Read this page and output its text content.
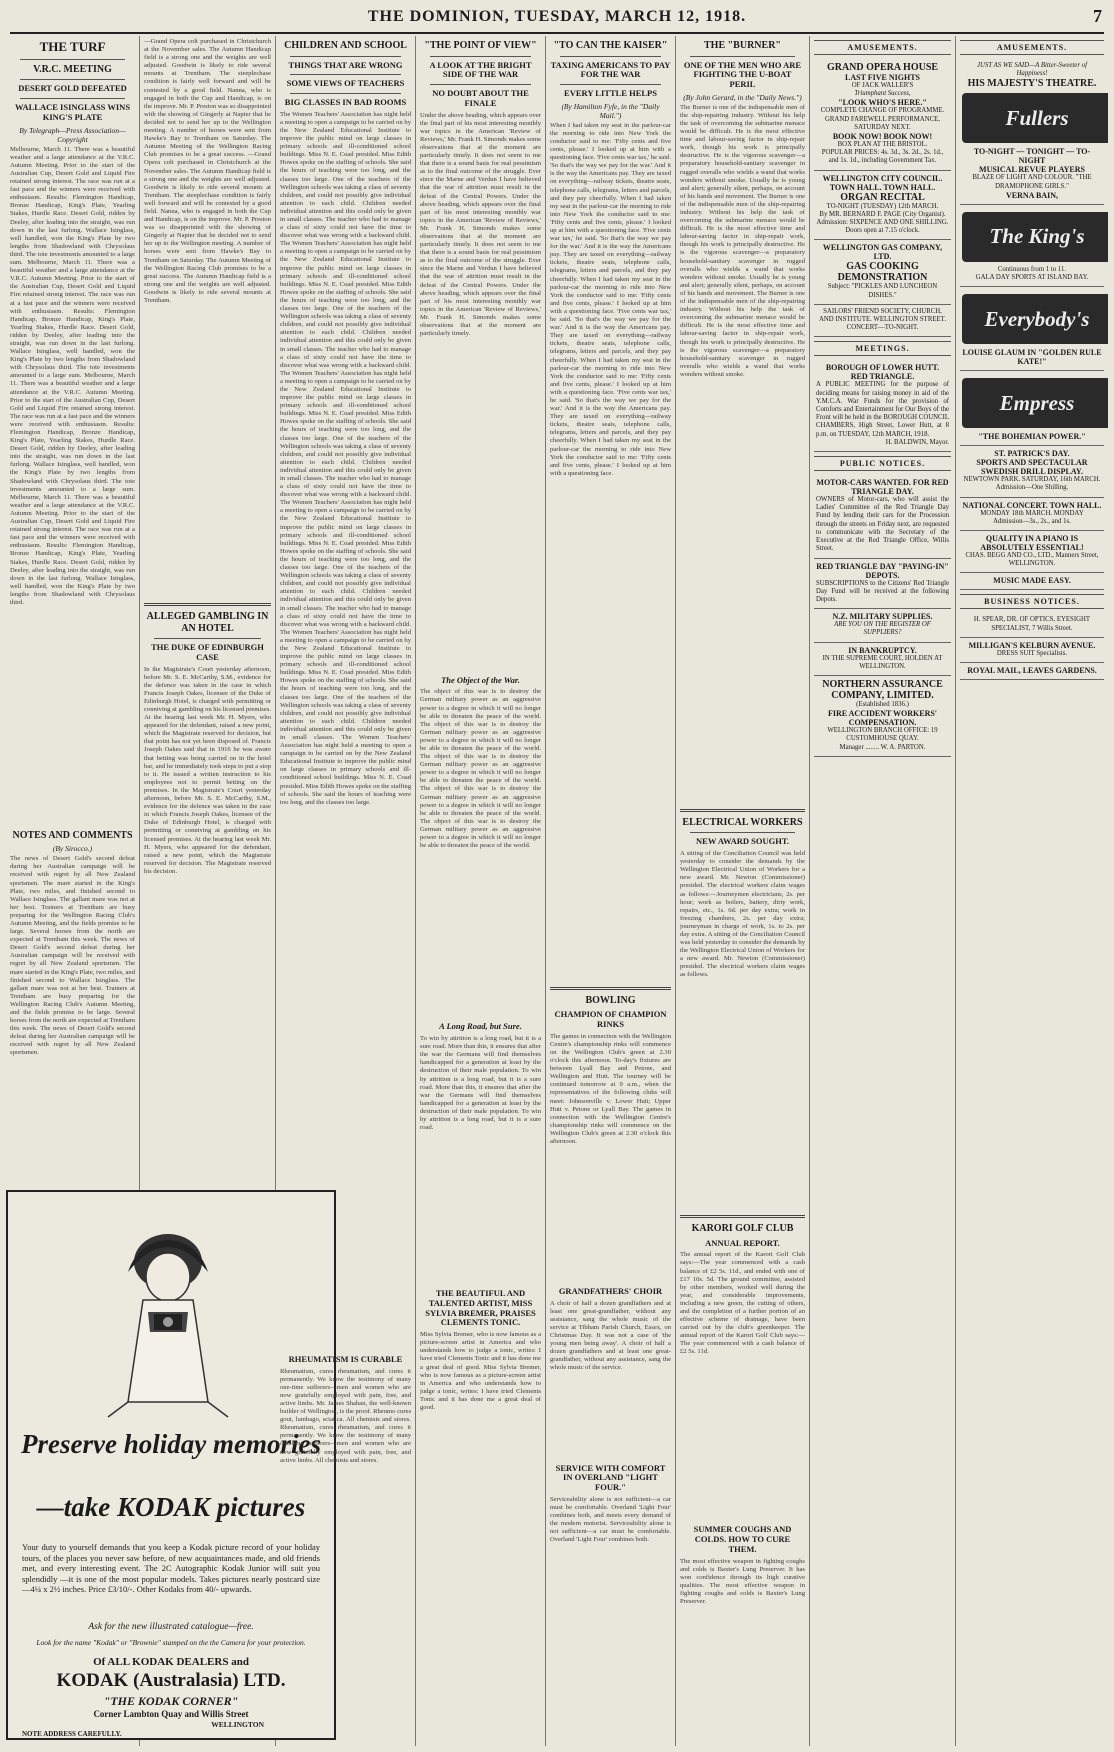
THE DOMINION, TUESDAY, MARCH 12, 1918.	7
THE TURF
V.R.C. MEETING
DESERT GOLD DEFEATED
WALLACE ISINGLASS WINS KING'S PLATE
By Telegraph—Press Association—Copyright

Melbourne, March 11. There was a beautiful weather and a large attendance at the V.R.C. Autumn Meeting. Prior to the start of the Australian Cup, Desert Gold and Liquid Fire retained strong interest. The race was run at a fast pace and the winners were received with enthusiasm. Results: Flemington Handicap, Bronze Handicap, King's Plate, Yearling Stakes, Hurdle Race. Desert Gold, ridden by Deeley, after leading into the straight, was run down in the last furlong. Wallace Isinglass, well handled, won the King's Plate by two lengths from Shadowland with Chrysolaus third. The tote investments amounted to a large sum. Melbourne, March 11. There was a beautiful weather and a large attendance at the V.R.C. Autumn Meeting. Prior to the start of the Australian Cup, Desert Gold and Liquid Fire retained strong interest. The race was run at a fast pace and the winners were received with enthusiasm. Results: Flemington Handicap, Bronze Handicap, King's Plate, Yearling Stakes, Hurdle Race. Desert Gold, ridden by Deeley, after leading into the straight, was run down in the last furlong. Wallace Isinglass, well handled, won the King's Plate by two lengths from Shadowland with Chrysolaus third. The tote investments amounted to a large sum. Melbourne, March 11. There was a beautiful weather and a large attendance at the V.R.C. Autumn Meeting. Prior to the start of the Australian Cup, Desert Gold and Liquid Fire retained strong interest. The race was run at a fast pace and the winners were received with enthusiasm. Results: Flemington Handicap, Bronze Handicap, King's Plate, Yearling Stakes, Hurdle Race. Desert Gold, ridden by Deeley, after leading into the straight, was run down in the last furlong. Wallace Isinglass, well handled, won the King's Plate by two lengths from Shadowland with Chrysolaus third. The tote investments amounted to a large sum. Melbourne, March 11. There was a beautiful weather and a large attendance at the V.R.C. Autumn Meeting. Prior to the start of the Australian Cup, Desert Gold and Liquid Fire retained strong interest. The race was run at a fast pace and the winners were received with enthusiasm. Results: Flemington Handicap, Bronze Handicap, King's Plate, Yearling Stakes, Hurdle Race. Desert Gold, ridden by Deeley, after leading into the straight, was run down in the last furlong. Wallace Isinglass, well handled, won the King's Plate by two lengths from Shadowland with Chrysolaus third.

NOTES AND COMMENTS
(By Sirocco.)

The news of Desert Gold's second defeat during her Australian campaign will be received with regret by all New Zealand sportsmen. The mare started in the King's Plate, two miles, and finished second to Wallace Isinglass. The gallant mare was not at her best. Trainers at Trentham are busy preparing for the Wellington Racing Club's Autumn Meeting, and the fields promise to be large. Several horses from the north are expected at Trentham this week. The news of Desert Gold's second defeat during her Australian campaign will be received with regret by all New Zealand sportsmen. The mare started in the King's Plate, two miles, and finished second to Wallace Isinglass. The gallant mare was not at her best. Trainers at Trentham are busy preparing for the Wellington Racing Club's Autumn Meeting, and the fields promise to be large. Several horses from the north are expected at Trentham this week. The news of Desert Gold's second defeat during her Australian campaign will be received with regret by all New Zealand sportsmen.

—Grand Opera colt purchased in Christchurch at the November sales. The Autumn Handicap field is a strong one and the weights are well adjusted. Goodwin is likely to ride several mounts at Trentham. The steeplechase condition is fairly well forward and will be contested by a good field. Nanna, who is engaged in both the Cup and Handicap, is on the improve. Mr. P. Preston was so disappointed with the showing of Gingerly at Napier that he decided not to send her up to the Wellington meeting. A number of horses were sent from Hawke's Bay to Trentham on Saturday. The Autumn Meeting of the Wellington Racing Club promises to be a great success. —Grand Opera colt purchased in Christchurch at the November sales. The Autumn Handicap field is a strong one and the weights are well adjusted. Goodwin is likely to ride several mounts at Trentham. The steeplechase condition is fairly well forward and will be contested by a good field. Nanna, who is engaged in both the Cup and Handicap, is on the improve. Mr. P. Preston was so disappointed with the showing of Gingerly at Napier that he decided not to send her up to the Wellington meeting. A number of horses were sent from Hawke's Bay to Trentham on Saturday. The Autumn Meeting of the Wellington Racing Club promises to be a great success. The Autumn Handicap field is a strong one and the weights are well adjusted. Goodwin is likely to ride several mounts at Trentham.

ALLEGED GAMBLING IN AN HOTEL
THE DUKE OF EDINBURGH CASE

In the Magistrate's Court yesterday afternoon, before Mr. S. E. McCarthy, S.M., evidence for the defence was taken in the case in which Francis Joseph Oakes, licensee of the Duke of Edinburgh Hotel, is charged with permitting or conniving at gambling on his licensed premises. At the hearing last week Mr. H. Myers, who appeared for the defendant, raised a new point, which the Magistrate reserved for decision, but that point has not yet been disposed of. Francis Joseph Oakes said that in 1916 he was aware that betting was being carried on in the hotel bar, and he immediately took steps to put a stop to it. He issued a written instruction to his employees not to permit betting on the premises. In the Magistrate's Court yesterday afternoon, before Mr. S. E. McCarthy, S.M., evidence for the defence was taken in the case in which Francis Joseph Oakes, licensee of the Duke of Edinburgh Hotel, is charged with permitting or conniving at gambling on his licensed premises. At the hearing last week Mr. H. Myers, who appeared for the defendant, raised a new point, which the Magistrate reserved for decision. The Magistrate reserved his decision.

Preserve holiday memories
—take KODAK pictures
Your duty to yourself demands that you keep a Kodak picture record of your holiday tours, of the places you never saw before, of new acquaintances made, and old friends met, and every interesting event. The 2C Autographic Kodak Junior will suit you splendidly —it is one of the most popular models. Takes pictures nearly postcard size—4¼ x 2½ inches. Price £3/10/-. Other Kodaks from 40/- upwards.
Ask for the new illustrated catalogue—free.
Look for the name "Kodak" or "Brownie" stamped on the the Camera for your protection.
Of ALL KODAK DEALERS and
KODAK (Australasia) LTD.
"THE KODAK CORNER"
Corner Lambton Quay and Willis Street
WELLINGTON
NOTE ADDRESS CAREFULLY.
CHILDREN AND SCHOOL
THINGS THAT ARE WRONG
SOME VIEWS OF TEACHERS
BIG CLASSES IN BAD ROOMS

The Women Teachers' Association has night held a meeting to open a campaign to be carried on by the New Zealand Educational Institute to improve the public mind on large classes in primary schools and ill-conditioned school buildings. Miss N. E. Coad presided. Miss Edith Howes spoke on the staffing of schools. She said the hours of teaching were too long, and the classes too large. One of the teachers of the Wellington schools was taking a class of seventy children, and could not possibly give individual attention to each child. Children needed individual attention and this could only be given in small classes. The teacher who had to manage a class of sixty could not have the time to discover what was wrong with a backward child. The Women Teachers' Association has night held a meeting to open a campaign to be carried on by the New Zealand Educational Institute to improve the public mind on large classes in primary schools and ill-conditioned school buildings. Miss N. E. Coad presided. Miss Edith Howes spoke on the staffing of schools. She said the hours of teaching were too long, and the classes too large. One of the teachers of the Wellington schools was taking a class of seventy children, and could not possibly give individual attention to each child. Children needed individual attention and this could only be given in small classes. The teacher who had to manage a class of sixty could not have the time to discover what was wrong with a backward child. The Women Teachers' Association has night held a meeting to open a campaign to be carried on by the New Zealand Educational Institute to improve the public mind on large classes in primary schools and ill-conditioned school buildings. Miss N. E. Coad presided. Miss Edith Howes spoke on the staffing of schools. She said the hours of teaching were too long, and the classes too large. One of the teachers of the Wellington schools was taking a class of seventy children, and could not possibly give individual attention to each child. Children needed individual attention and this could only be given in small classes. The teacher who had to manage a class of sixty could not have the time to discover what was wrong with a backward child. The Women Teachers' Association has night held a meeting to open a campaign to be carried on by the New Zealand Educational Institute to improve the public mind on large classes in primary schools and ill-conditioned school buildings. Miss N. E. Coad presided. Miss Edith Howes spoke on the staffing of schools. She said the hours of teaching were too long, and the classes too large. One of the teachers of the Wellington schools was taking a class of seventy children, and could not possibly give individual attention to each child. Children needed individual attention and this could only be given in small classes. The teacher who had to manage a class of sixty could not have the time to discover what was wrong with a backward child. The Women Teachers' Association has night held a meeting to open a campaign to be carried on by the New Zealand Educational Institute to improve the public mind on large classes in primary schools and ill-conditioned school buildings. Miss N. E. Coad presided. Miss Edith Howes spoke on the staffing of schools. She said the hours of teaching were too long, and the classes too large. One of the teachers of the Wellington schools was taking a class of seventy children, and could not possibly give individual attention to each child. Children needed individual attention and this could only be given in small classes. The Women Teachers' Association has night held a meeting to open a campaign to be carried on by the New Zealand Educational Institute to improve the public mind on large classes in primary schools and ill-conditioned school buildings. Miss N. E. Coad presided. Miss Edith Howes spoke on the staffing of schools. She said the hours of teaching were too long, and the classes too large.

RHEUMATISM IS CURABLE

Rheumatism, cures rheumatism, and cures it permanently. We know the testimony of many one-time sufferers—men and women who are now gratefully employed with pain, free, and active limbs. Mr. James Shahan, the well-known builder of Wellington, is the proof. Rheumo cures gout, lumbago, sciatica. All chemists and stores. Rheumatism, cures rheumatism, and cures it permanently. We know the testimony of many one-time sufferers—men and women who are now gratefully employed with pain, free, and active limbs. All chemists and stores.

"THE POINT OF VIEW"
A LOOK AT THE BRIGHT SIDE OF THE WAR
NO DOUBT ABOUT THE FINALE

Under the above heading, which appears over the final part of his most interesting monthly war topics in the American 'Review of Reviews,' Mr. Frank H. Simonds makes some observations that at the moment are particularly timely. It does not seem to me that there is a sound basis for real pessimism as to the final outcome of the struggle. Ever since the Marne and Verdun I have believed that the war of attrition must result in the defeat of the Central Powers. Under the above heading, which appears over the final part of his most interesting monthly war topics in the American 'Review of Reviews,' Mr. Frank H. Simonds makes some observations that at the moment are particularly timely. It does not seem to me that there is a sound basis for real pessimism as to the final outcome of the struggle. Ever since the Marne and Verdun I have believed that the war of attrition must result in the defeat of the Central Powers. Under the above heading, which appears over the final part of his most interesting monthly war topics in the American 'Review of Reviews,' Mr. Frank H. Simonds makes some observations that at the moment are particularly timely.

The Object of the War.

The object of this war is to destroy the German military power as an aggressive power to a degree in which it will no longer be able to threaten the peace of the world. The object of this war is to destroy the German military power as an aggressive power to a degree in which it will no longer be able to threaten the peace of the world. The object of this war is to destroy the German military power as an aggressive power to a degree in which it will no longer be able to threaten the peace of the world. The object of this war is to destroy the German military power as an aggressive power to a degree in which it will no longer be able to threaten the peace of the world. The object of this war is to destroy the German military power as an aggressive power to a degree in which it will no longer be able to threaten the peace of the world.

A Long Road, but Sure.

To win by attrition is a long road, but it is a sure road. More than this, it ensures that after the war the Germans will find themselves handicapped for a generation at least by the destruction of their male population. To win by attrition is a long road, but it is a sure road. More than this, it ensures that after the war the Germans will find themselves handicapped for a generation at least by the destruction of their male population. To win by attrition is a long road, but it is a sure road.

THE BEAUTIFUL AND TALENTED ARTIST, MISS SYLVIA BREMER, PRAISES CLEMENTS TONIC.

Miss Sylvia Bremer, who is now famous as a picture-screen artist in America and who understands how to judge a tonic, writes: I have tried Clements Tonic and it has done me a great deal of good. Miss Sylvia Bremer, who is now famous as a picture-screen artist in America and who understands how to judge a tonic, writes: I have tried Clements Tonic and it has done me a great deal of good.

"TO CAN THE KAISER"
TAXING AMERICANS TO PAY FOR THE WAR
EVERY LITTLE HELPS
(By Hamilton Fyfe, in the "Daily Mail.")

When I had taken my seat in the parlour-car the morning to ride into New York the conductor said to me: 'Fifty cents and five cents, please.' I looked up at him with a questioning face. 'Five cents war tax,' he said. 'So that's the way we pay for the war.' And it is the way the Americans pay. They are taxed on everything—railway tickets, theatre seats, telephone calls, telegrams, letters and parcels, and they pay cheerfully. When I had taken my seat in the parlour-car the morning to ride into New York the conductor said to me: 'Fifty cents and five cents, please.' I looked up at him with a questioning face. 'Five cents war tax,' he said. 'So that's the way we pay for the war.' And it is the way the Americans pay. They are taxed on everything—railway tickets, theatre seats, telephone calls, telegrams, letters and parcels, and they pay cheerfully. When I had taken my seat in the parlour-car the morning to ride into New York the conductor said to me: 'Fifty cents and five cents, please.' I looked up at him with a questioning face. 'Five cents war tax,' he said. 'So that's the way we pay for the war.' And it is the way the Americans pay. They are taxed on everything—railway tickets, theatre seats, telephone calls, telegrams, letters and parcels, and they pay cheerfully. When I had taken my seat in the parlour-car the morning to ride into New York the conductor said to me: 'Fifty cents and five cents, please.' I looked up at him with a questioning face. 'Five cents war tax,' he said. 'So that's the way we pay for the war.' And it is the way the Americans pay. They are taxed on everything—railway tickets, theatre seats, telephone calls, telegrams, letters and parcels, and they pay cheerfully. When I had taken my seat in the parlour-car the morning to ride into New York the conductor said to me: 'Fifty cents and five cents, please.' I looked up at him with a questioning face.

BOWLING
CHAMPION OF CHAMPION RINKS

The games in connection with the Wellington Centre's championship rinks will commence on the Wellington Club's green at 2.30 o'clock this afternoon. To-day's fixtures are between Lyall Bay and Petone, and Wellington and Hutt. The tourney will be continued tomorrow at 9 a.m., when the representatives of the following clubs will meet: Johnsonville v. Lower Hutt; Upper Hutt v. Petone or Lyall Bay. The games in connection with the Wellington Centre's championship rinks will commence on the Wellington Club's green at 2.30 o'clock this afternoon.

GRANDFATHERS' CHOIR

A choir of half a dozen grandfathers and at least one great-grandfather, without any assistance, sang the whole music of the service at Tibham Parish Church, Essex, on Christmas Day. It was not a case of 'the young men being away'. A choir of half a dozen grandfathers and at least one great-grandfather, without any assistance, sang the whole music of the service.

SERVICE WITH COMFORT IN OVERLAND "LIGHT FOUR."

Serviceability alone is not sufficient—a car must be comfortable. Overland 'Light Four' combines both, and meets every demand of the modern motorist. Serviceability alone is not sufficient—a car must be comfortable. Overland 'Light Four' combines both.

THE "BURNER"
ONE OF THE MEN WHO ARE FIGHTING THE U-BOAT PERIL
(By John Gerard, in the "Daily News.")

The Burner is one of the indispensable men of the ship-repairing industry. Without his help the task of overcoming the submarine menace would be difficult. He is the most effective time and labour-saving factor in ship-repair work, though his work is principally destructive. He is the vigorous scavenger—a preparatory household-sanitary scavenger in rugged overalls who wields a wand that works wonders without smoke. Usually he is young and alert; generally silent, perhaps, on account of his hands and movement. The Burner is one of the indispensable men of the ship-repairing industry. Without his help the task of overcoming the submarine menace would be difficult. He is the most effective time and labour-saving factor in ship-repair work, though his work is principally destructive. He is the vigorous scavenger—a preparatory household-sanitary scavenger in rugged overalls who wields a wand that works wonders without smoke. Usually he is young and alert; generally silent, perhaps, on account of his hands and movement. The Burner is one of the indispensable men of the ship-repairing industry. Without his help the task of overcoming the submarine menace would be difficult. He is the most effective time and labour-saving factor in ship-repair work, though his work is principally destructive. He is the vigorous scavenger—a preparatory household-sanitary scavenger in rugged overalls who wields a wand that works wonders without smoke.

ELECTRICAL WORKERS
NEW AWARD SOUGHT.

A sitting of the Conciliation Council was held yesterday to consider the demands by the Wellington Electrical Union of Workers for a new award. Mr. Newton (Commissioner) presided. The electrical workers claim wages as follows:—Journeymen electricians, 2s. per hour; work as boilers, battery, dirty work, repairs, etc., 1s. 6d. per day extra; work in freezing chambers, 2s. per day extra; journeyman in charge of work, 1s. to 2s. per day extra. A sitting of the Conciliation Council was held yesterday to consider the demands by the Wellington Electrical Union of Workers for a new award. Mr. Newton (Commissioner) presided. The electrical workers claim wages as follows.

KARORI GOLF CLUB
ANNUAL REPORT.

The annual report of the Karori Golf Club says:—The year commenced with a cash balance of £2 5s. 11d., and ended with one of £17 10s. 5d. The ground committee, assisted by other members, worked well during the year, and considerable improvements, including a new green, the cutting of others, and the completion of a further portion of an effective scheme of drainage, have been carried out by the club's greenkeeper. The annual report of the Karori Golf Club says:—The year commenced with a cash balance of £2 5s. 11d.

SUMMER COUGHS AND COLDS. HOW TO CURE THEM.

The most effective weapon in fighting coughs and colds is Baxter's Lung Preserver. It has won confidence through its high curative qualities. The most effective weapon in fighting coughs and colds is Baxter's Lung Preserver.

AMUSEMENTS.
GRAND OPERA HOUSE
LAST FIVE NIGHTS
OF JACK WALLER'S
Triumphant Success,
"LOOK WHO'S HERE."
COMPLETE CHANGE OF PROGRAMME.
GRAND FAREWELL PERFORMANCE, SATURDAY NEXT.
BOOK NOW! BOOK NOW!
BOX PLAN AT THE BRISTOL.
POPULAR PRICES: 4s. 3d., 3s. 2d., 2s. 1d., and 1s. 1d., including Government Tax.
WELLINGTON CITY COUNCIL.
TOWN HALL. TOWN HALL.
ORGAN RECITAL
TO-NIGHT (TUESDAY) 12th MARCH.
By MR. BERNARD F. PAGE (City Organist).
Admission: SIXPENCE AND ONE SHILLING. Doors open at 7.15 o'clock.
WELLINGTON GAS COMPANY, LTD.
GAS COOKING DEMONSTRATION
Subject: "PICKLES AND LUNCHEON DISHES."
SAILORS' FRIEND SOCIETY, CHURCH, AND INSTITUTE. WELLINGTON STREET. CONCERT—TO-NIGHT.
MEETINGS.
BOROUGH OF LOWER HUTT.
RED TRIANGLE.
A PUBLIC MEETING for the purpose of deciding means for raising money in aid of the Y.M.C.A. War Funds for the provision of Comforts and Entertainment for Our Boys of the Front will be held in the BOROUGH COUNCIL CHAMBERS, High Street, Lower Hutt, at 8 p.m. on TUESDAY, 12th MARCH, 1918.
H. BALDWIN, Mayor.
PUBLIC NOTICES.
MOTOR-CARS WANTED. FOR RED TRIANGLE DAY.
OWNERS of Motor-cars, who will assist the Ladies' Committee of the Red Triangle Day Fund by lending their cars for the Procession through the streets on Friday next, are requested to communicate with the Secretary of the Executive at the Red Triangle Office, Willis Street.
RED TRIANGLE DAY "PAYING-IN" DEPOTS.
SUBSCRIPTIONS to the Citizens' Red Triangle Day Fund will be received at the following Depots.
N.Z. MILITARY SUPPLIES.
ARE YOU ON THE REGISTER OF SUPPLIERS?
IN BANKRUPTCY.
IN THE SUPREME COURT, HOLDEN AT WELLINGTON.
NORTHERN ASSURANCE COMPANY, LIMITED.
(Established 1836.)
FIRE ACCIDENT WORKERS' COMPENSATION.
WELLINGTON BRANCH OFFICE: 19 CUSTOMHOUSE QUAY.
Manager ........ W. A. PARTON.
AMUSEMENTS.
JUST AS WE SAID—A Bitter-Sweeter of Happiness!
HIS MAJESTY'S THEATRE.
Fullers
TO-NIGHT — TONIGHT — TO-NIGHT
MUSICAL REVUE PLAYERS
BLAZE OF LIGHT AND COLOUR. "THE DRAMOPHONE GIRLS."
VERNA BAIN,
The King's
Continuous from 1 to 11.
GALA DAY SPORTS AT ISLAND BAY.
Everybody's
LOUISE GLAUM IN "GOLDEN RULE KATE!"
Empress
"THE BOHEMIAN POWER."
ST. PATRICK'S DAY.
SPORTS AND SPECTACULAR SWEDISH DRILL DISPLAY.
NEWTOWN PARK. SATURDAY, 16th MARCH.
Admission—One Shilling.
NATIONAL CONCERT. TOWN HALL.
MONDAY 18th MARCH. MONDAY
Admission—3s., 2s., and 1s.
QUALITY IN A PIANO IS ABSOLUTELY ESSENTIAL!
CHAS. BEGG AND CO., LTD., Manners Street, WELLINGTON.
MUSIC MADE EASY.
BUSINESS NOTICES.
H. SPEAR, DR. OF OPTICS, EYESIGHT SPECIALIST, 7 Willis Street.
MILLIGAN'S KELBURN AVENUE.
DRESS SUIT Specialists.
ROYAL MAIL, LEAVES GARDENS.
